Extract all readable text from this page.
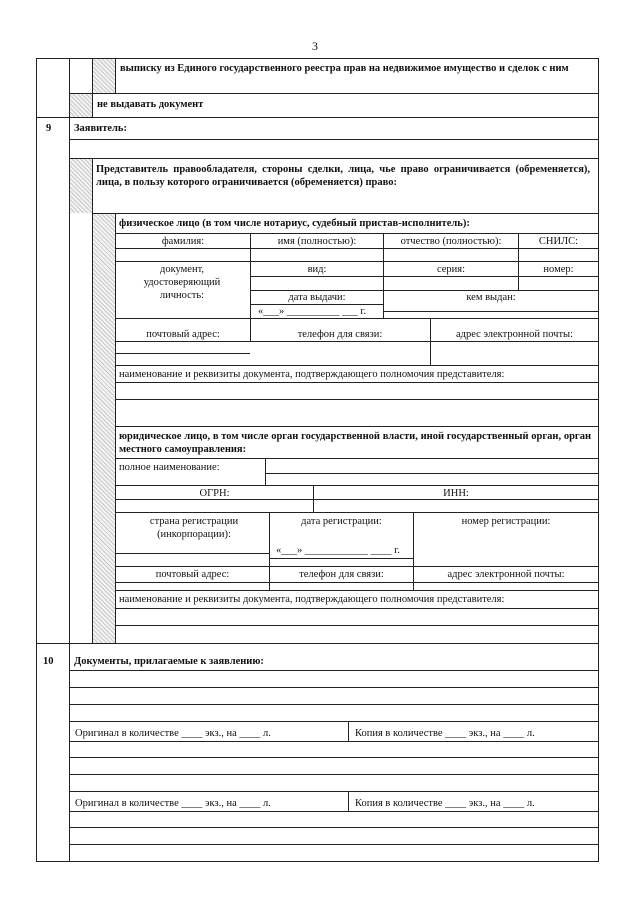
3
выписку из Единого государственного реестра прав на недвижимое имущество и сделок с ним
не выдавать документ
9 Заявитель:
Представитель правообладателя, стороны сделки, лица, чье право ограничивается (обременяется), лица, в пользу которого ограничивается (обременяется) право:
физическое лицо (в том числе нотариус, судебный пристав-исполнитель):
фамилия:	имя (полностью):	отчество (полностью):	СНИЛС:
документ, удостоверяющий личность:
вид:	серия:	номер:
дата выдачи:	кем выдан:
«___» __________ ___ г.
почтовый адрес:	телефон для связи:	адрес электронной почты:
наименование и реквизиты документа, подтверждающего полномочия представителя:
юридическое лицо, в том числе орган государственной власти, иной государственный орган, орган местного самоуправления:
полное наименование:
ОГРН:	ИНН:
страна регистрации (инкорпорации):
дата регистрации:	номер регистрации:
«___» ____________ ____ г.
почтовый адрес:	телефон для связи:	адрес электронной почты:
наименование и реквизиты документа, подтверждающего полномочия представителя:
10 Документы, прилагаемые к заявлению:
Оригинал в количестве ____ экз., на ____ л.	Копия в количестве ____ экз., на ____ л.
Оригинал в количестве ____ экз., на ____ л.	Копия в количестве ____ экз., на ____ л.
